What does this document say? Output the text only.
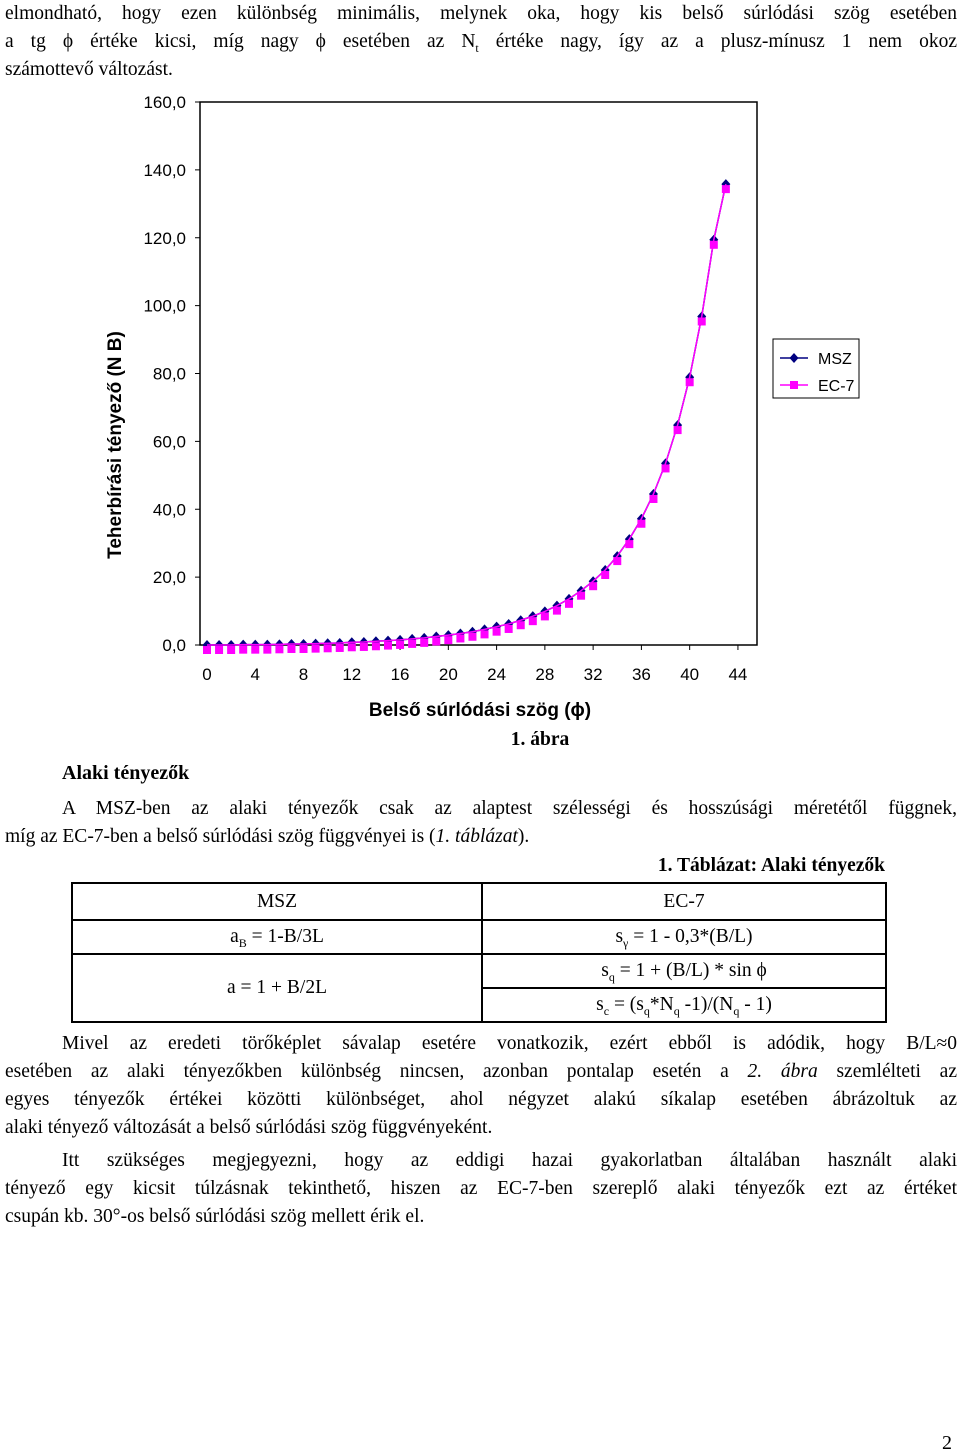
elmondható, hogy ezen különbség minimális, melynek oka, hogy kis belső súrlódási szög esetében
a tg ϕ értéke kicsi, míg nagy ϕ esetében az $N_t$ értéke nagy, így az a plusz-mínusz 1 nem okoz
számottevő változást.
0,0
20,0
40,0
60,0
80,0
100,0
120,0
140,0
160,0
0 4 8 12 16 20 24 28 32 36 40 44
MSZ
EC-7
Teherbírási tényező (N B)
Belső súrlódási szög (ϕ)
1. ábra
Alaki tényezők
A MSZ-ben az alaki tényezők csak az alaptest szélességi és hosszúsági méretétől függnek,
míg az EC-7-ben a belső súrlódási szög függvényei is (1. táblázat).
1. Táblázat: Alaki tényezők
MSZ	EC-7
$a_B = 1-B/3L$	$s_\gamma = 1 - 0,3*(B/L)$
a = 1 + B/2L	$s_q = 1 + (B/L) * \sin \phi$
	$s_c = (s_q*N_q$ $-1)/(N_q - 1)$
Mivel az eredeti törőképlet sávalap esetére vonatkozik, ezért ebből is adódik, hogy B/L≈0
esetében az alaki tényezőkben különbség nincsen, azonban pontalap esetén a 2. ábra szemlélteti az
egyes tényezők értékei közötti különbséget, ahol négyzet alakú síkalap esetében ábrázoltuk az
alaki tényező változását a belső súrlódási szög függvényeként.
Itt szükséges megjegyezni, hogy az eddigi hazai gyakorlatban általában használt alaki
tényező egy kicsit túlzásnak tekinthető, hiszen az EC-7-ben szereplő alaki tényezők ezt az értéket
csupán kb. 30°-os belső súrlódási szög mellett érik el.
2
